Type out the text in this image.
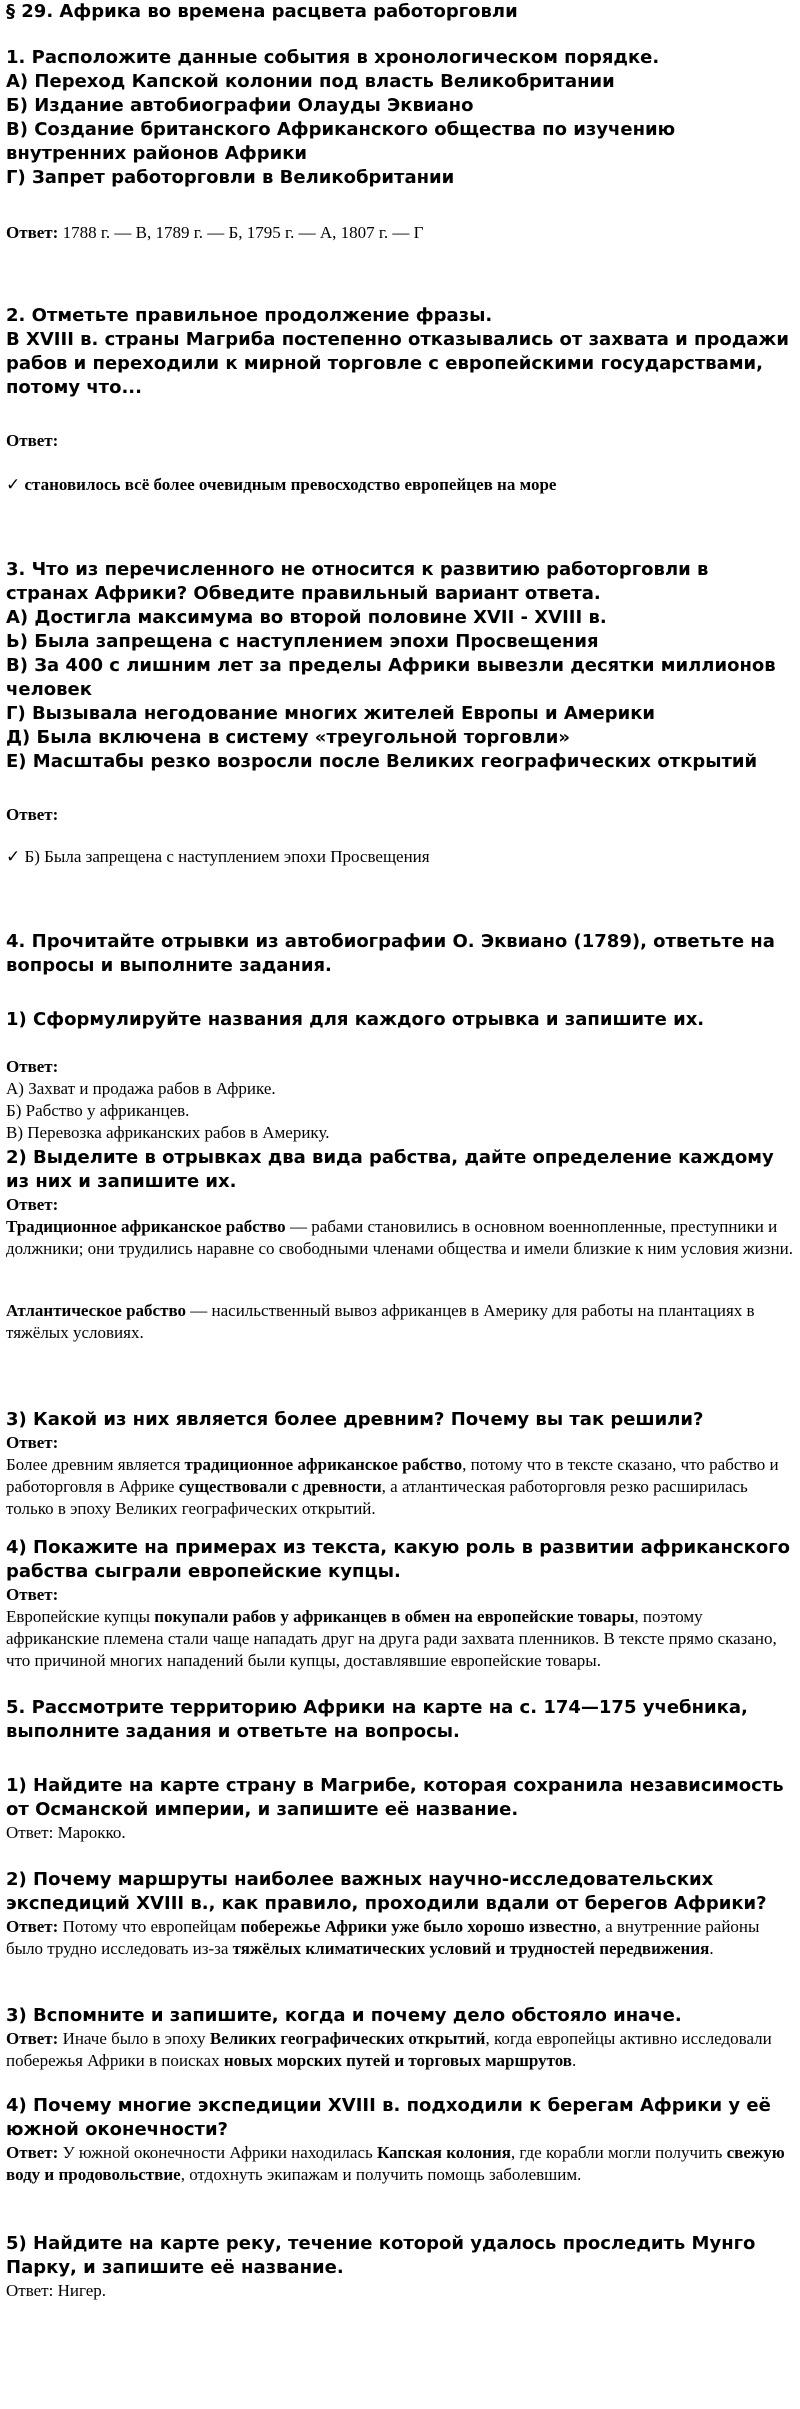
§ 29. Африка во времена расцвета работорговли
1. Расположите данные события в хронологическом порядке.
А) Переход Капской колонии под власть Великобритании
Б) Издание автобиографии Олауды Эквиано
В) Создание британского Африканского общества по изучению внутренних районов Африки
Г) Запрет работорговли в Великобритании
Ответ: 1788 г. — В, 1789 г. — Б, 1795 г. — А, 1807 г. — Г
2. Отметьте правильное продолжение фразы.
В XVIII в. страны Магриба постепенно отказывались от захвата и продажи рабов и переходили к мирной торговле с европейскими государствами, потому что...
Ответ:
✓ становилось всё более очевидным превосходство европейцев на море
3. Что из перечисленного не относится к развитию работорговли в странах Африки? Обведите правильный вариант ответа.
А) Достигла максимума во второй половине XVII - XVIII в.
Ь) Была запрещена с наступлением эпохи Просвещения
В) За 400 с лишним лет за пределы Африки вывезли десятки миллионов человек
Г) Вызывала негодование многих жителей Европы и Америки
Д) Была включена в систему «треугольной торговли»
Е) Масштабы резко возросли после Великих географических открытий
Ответ:
✓ Б) Была запрещена с наступлением эпохи Просвещения
4. Прочитайте отрывки из автобиографии О. Эквиано (1789), ответьте на вопросы и выполните задания.
1) Сформулируйте названия для каждого отрывка и запишите их.
Ответ:
А) Захват и продажа рабов в Африке.
Б) Рабство у африканцев.
В) Перевозка африканских рабов в Америку.
2) Выделите в отрывках два вида рабства, дайте определение каждому из них и запишите их.
Ответ:
Традиционное африканское рабство — рабами становились в основном военнопленные, преступники и должники; они трудились наравне со свободными членами общества и имели близкие к ним условия жизни.
Атлантическое рабство — насильственный вывоз африканцев в Америку для работы на плантациях в тяжёлых условиях.
3) Какой из них является более древним? Почему вы так решили?
Ответ:
Более древним является традиционное африканское рабство, потому что в тексте сказано, что рабство и работорговля в Африке существовали с древности, а атлантическая работорговля резко расширилась только в эпоху Великих географических открытий.
4) Покажите на примерах из текста, какую роль в развитии африканского рабства сыграли европейские купцы.
Ответ:
Европейские купцы покупали рабов у африканцев в обмен на европейские товары, поэтому африканские племена стали чаще нападать друг на друга ради захвата пленников. В тексте прямо сказано, что причиной многих нападений были купцы, доставлявшие европейские товары.
5. Рассмотрите территорию Африки на карте на с. 174—175 учебника, выполните задания и ответьте на вопросы.
1) Найдите на карте страну в Магрибе, которая сохранила независимость от Османской империи, и запишите её название.
Ответ: Марокко.
2) Почему маршруты наиболее важных научно-исследовательских экспедиций XVIII в., как правило, проходили вдали от берегов Африки?
Ответ: Потому что европейцам побережье Африки уже было хорошо известно, а внутренние районы было трудно исследовать из-за тяжёлых климатических условий и трудностей передвижения.
3) Вспомните и запишите, когда и почему дело обстояло иначе.
Ответ: Иначе было в эпоху Великих географических открытий, когда европейцы активно исследовали побережья Африки в поисках новых морских путей и торговых маршрутов.
4) Почему многие экспедиции XVIII в. подходили к берегам Африки у её южной оконечности?
Ответ: У южной оконечности Африки находилась Капская колония, где корабли могли получить свежую воду и продовольствие, отдохнуть экипажам и получить помощь заболевшим.
5) Найдите на карте реку, течение которой удалось проследить Мунго Парку, и запишите её название.
Ответ: Нигер.
